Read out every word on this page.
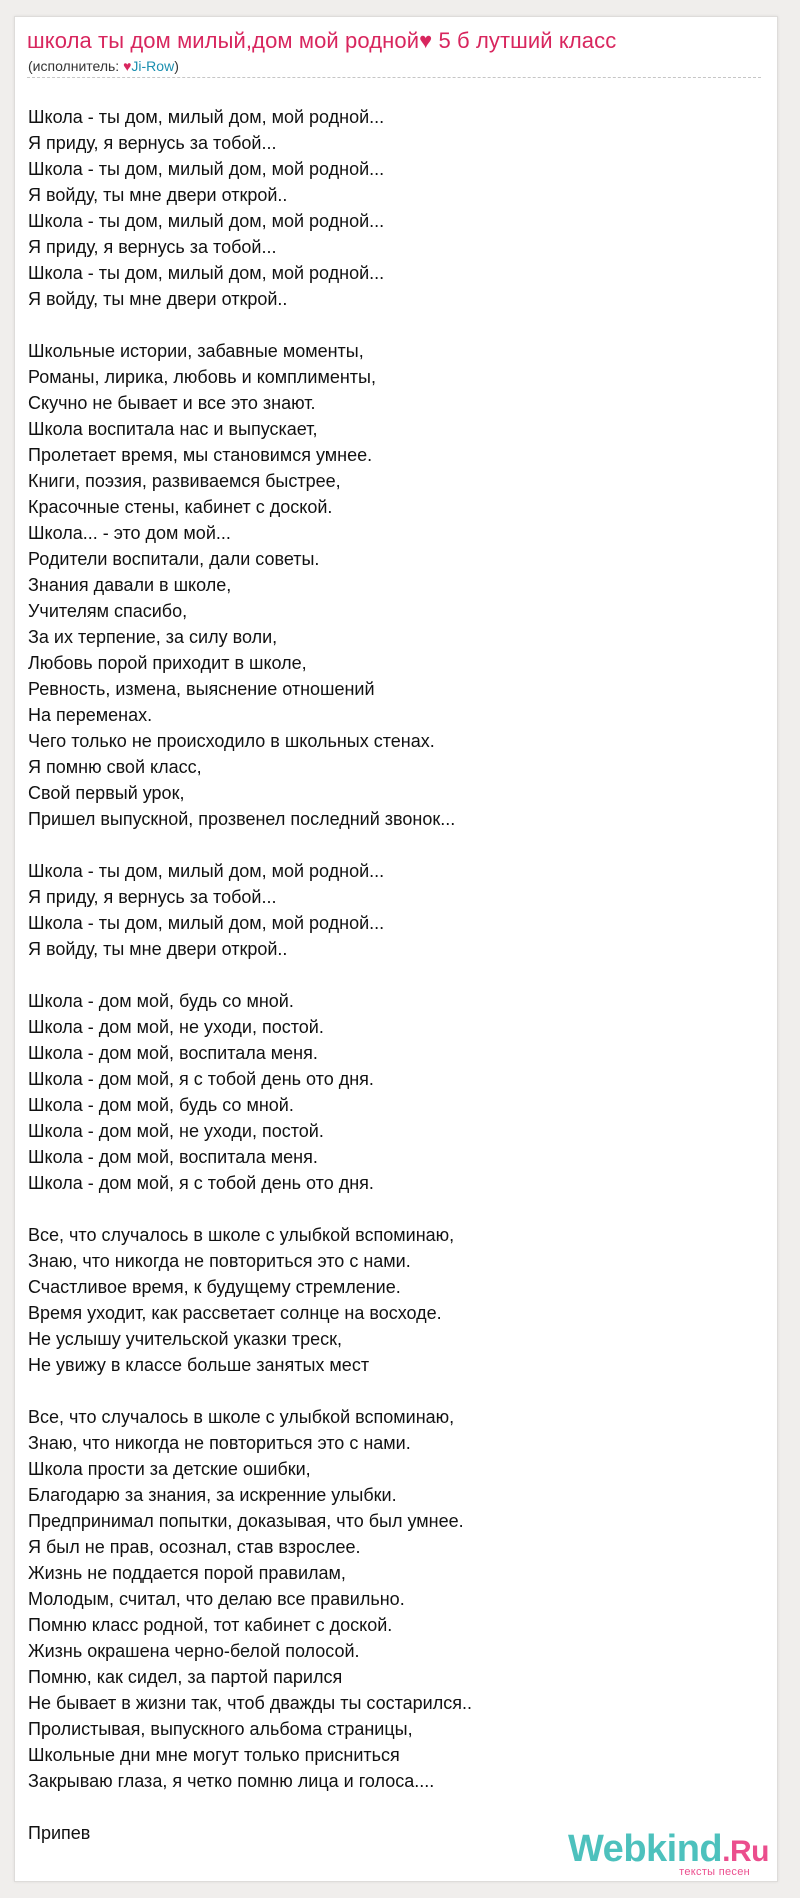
школа ты дом милый,дом мой родной♥ 5 б лутший класс
(исполнитель: ♥Ji-Row)
Школа - ты дом, милый дом, мой родной...
Я приду, я вернусь за тобой...
Школа - ты дом, милый дом, мой родной...
Я войду, ты мне двери открой..
Школа - ты дом, милый дом, мой родной...
Я приду, я вернусь за тобой...
Школа - ты дом, милый дом, мой родной...
Я войду, ты мне двери открой..
Школьные истории, забавные моменты,
Романы, лирика, любовь и комплименты,
Скучно не бывает и все это знают.
Школа воспитала нас и выпускает,
Пролетает время, мы становимся умнее.
Книги, поэзия, развиваемся быстрее,
Красочные стены, кабинет с доской.
Школа... - это дом мой...
Родители воспитали, дали советы.
Знания давали в школе,
Учителям спасибо,
За их терпение, за силу воли,
Любовь порой приходит в школе,
Ревность, измена, выяснение отношений
На переменах.
Чего только не происходило в школьных стенах.
Я помню свой класс,
Свой первый урок,
Пришел выпускной, прозвенел последний звонок...
Школа - ты дом, милый дом, мой родной...
Я приду, я вернусь за тобой...
Школа - ты дом, милый дом, мой родной...
Я войду, ты мне двери открой..
Школа - дом мой, будь со мной.
Школа - дом мой, не уходи, постой.
Школа - дом мой, воспитала меня.
Школа - дом мой, я с тобой день ото дня.
Школа - дом мой, будь со мной.
Школа - дом мой, не уходи, постой.
Школа - дом мой, воспитала меня.
Школа - дом мой, я с тобой день ото дня.
Все, что случалось в школе с улыбкой вспоминаю,
Знаю, что никогда не повториться это с нами.
Счастливое время, к будущему стремление.
Время уходит, как рассветает солнце на восходе.
Не услышу учительской указки треск,
Не увижу в классе больше занятых мест
Все, что случалось в школе с улыбкой вспоминаю,
Знаю, что никогда не повториться это с нами.
Школа прости за детские ошибки,
Благодарю за знания, за искренние улыбки.
Предпринимал попытки, доказывая, что был умнее.
Я был не прав, осознал, став взрослее.
Жизнь не поддается порой правилам,
Молодым, считал, что делаю все правильно.
Помню класс родной, тот кабинет с доской.
Жизнь окрашена черно-белой полосой.
Помню, как сидел, за партой парился
Не бывает в жизни так, чтоб дважды ты состарился..
Пролистывая, выпускного альбома страницы,
Школьные дни мне могут только присниться
Закрываю глаза, я четко помню лица и голоса....
Припев	Webkind.Ru
тексты песен
